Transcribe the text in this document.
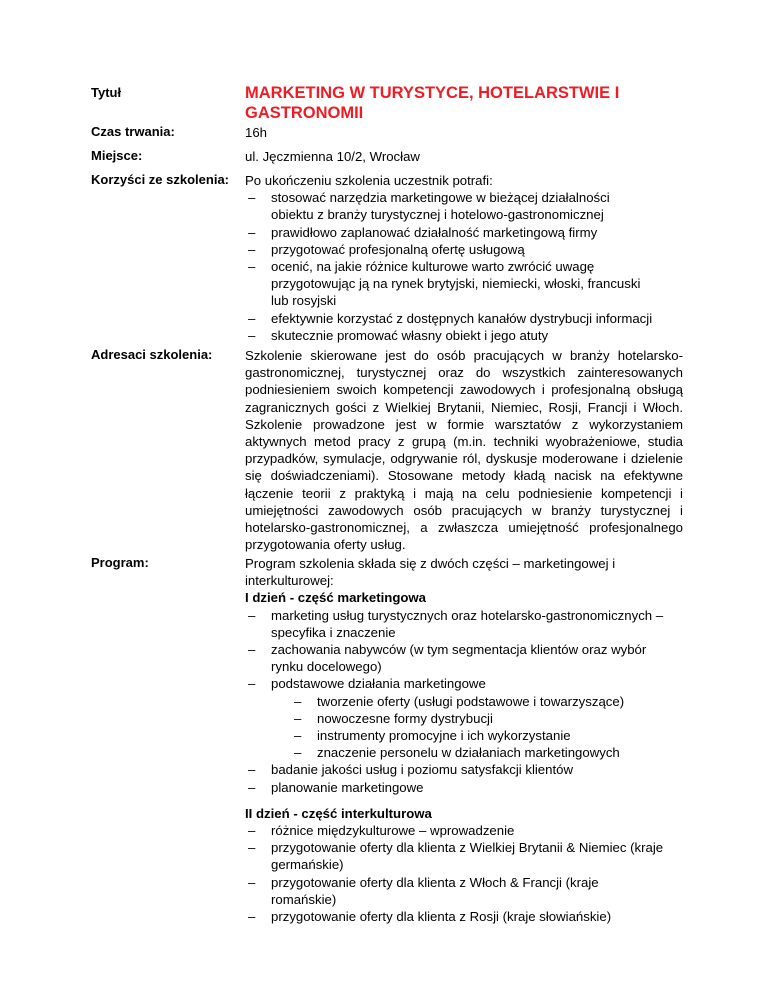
Tytuł	MARKETING W TURYSTYCE, HOTELARSTWIE I GASTRONOMII
Czas trwania:	16h
Miejsce:	ul. Jęczmienna 10/2, Wrocław
Korzyści ze szkolenia:	Po ukończeniu szkolenia uczestnik potrafi:
– stosować narzędzia marketingowe w bieżącej działalności obiektu z branży turystycznej i hotelowo-gastronomicznej
– prawidłowo zaplanować działalność marketingową firmy
– przygotować profesjonalną ofertę usługową
– ocenić, na jakie różnice kulturowe warto zwrócić uwagę przygotowując ją na rynek brytyjski, niemiecki, włoski, francuski lub rosyjski
– efektywnie korzystać z dostępnych kanałów dystrybucji informacji
– skutecznie promować własny obiekt i jego atuty
Adresaci szkolenia:	Szkolenie skierowane jest do osób pracujących w branży hotelarsko-gastronomicznej, turystycznej oraz do wszystkich zainteresowanych podniesieniem swoich kompetencji zawodowych i profesjonalną obsługą zagranicznych gości z Wielkiej Brytanii, Niemiec, Rosji, Francji i Włoch. Szkolenie prowadzone jest w formie warsztatów z wykorzystaniem aktywnych metod pracy z grupą (m.in. techniki wyobrażeniowe, studia przypadków, symulacje, odgrywanie ról, dyskusje moderowane i dzielenie się doświadczeniami). Stosowane metody kładą nacisk na efektywne łączenie teorii z praktyką i mają na celu podniesienie kompetencji i umiejętności zawodowych osób pracujących w branży turystycznej i hotelarsko-gastronomicznej, a zwłaszcza umiejętność profesjonalnego przygotowania oferty usług.
Program:	Program szkolenia składa się z dwóch części – marketingowej i interkulturowej:
I dzień - część marketingowa
– marketing usług turystycznych oraz hotelarsko-gastronomicznych – specyfika i znaczenie
– zachowania nabywców (w tym segmentacja klientów oraz wybór rynku docelowego)
– podstawowe działania marketingowe
– tworzenie oferty (usługi podstawowe i towarzyszące)
– nowoczesne formy dystrybucji
– instrumenty promocyjne i ich wykorzystanie
– znaczenie personelu w działaniach marketingowych
– badanie jakości usług i poziomu satysfakcji klientów
– planowanie marketingowe
II dzień - część interkulturowa
– różnice międzykulturowe – wprowadzenie
– przygotowanie oferty dla klienta z Wielkiej Brytanii & Niemiec (kraje germańskie)
– przygotowanie oferty dla klienta z Włoch & Francji (kraje romańskie)
– przygotowanie oferty dla klienta z Rosji (kraje słowiańskie)
